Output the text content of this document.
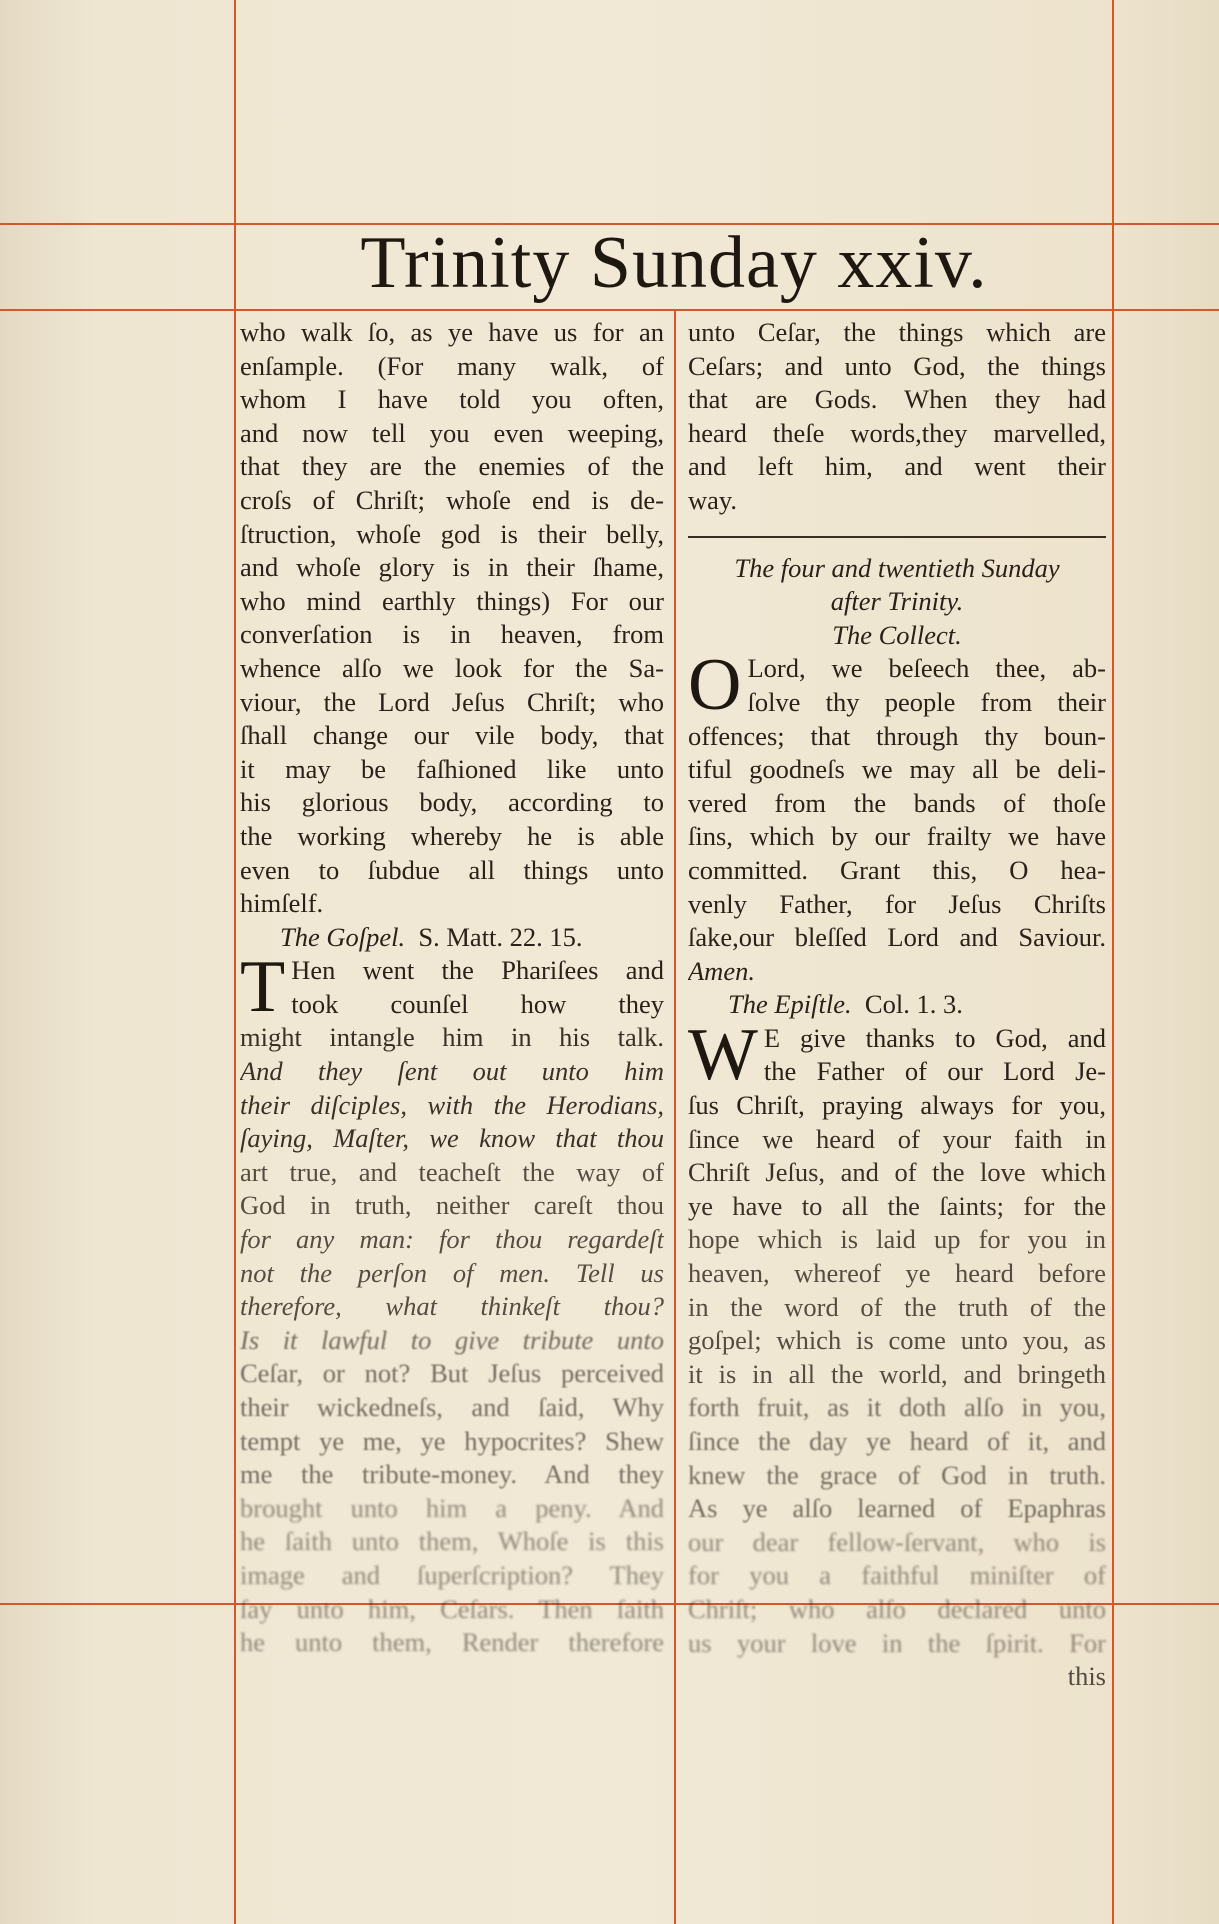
Trinity Sunday xxiv.
who walk ſo, as ye have us for an
enſample. (For many walk, of
whom I have told you often,
and now tell you even weeping,
that they are the enemies of the
croſs of Chriſt; whoſe end is de-
ſtruction, whoſe god is their belly,
and whoſe glory is in their ſhame,
who mind earthly things) For our
converſation is in heaven, from
whence alſo we look for the Sa-
viour, the Lord Jeſus Chriſt; who
ſhall change our vile body, that
it may be faſhioned like unto
his glorious body, according to
the working whereby he is able
even to ſubdue all things unto
himſelf.
The Goſpel. S. Matt. 22. 15.
T Hen went the Phariſees and
took counſel how they
might intangle him in his talk.
And they ſent out unto him
their diſciples, with the Herodians,
ſaying, Maſter, we know that thou
art true, and teacheſt the way of
God in truth, neither careſt thou
for any man: for thou regardeſt
not the perſon of men. Tell us
therefore, what thinkeſt thou?
Is it lawful to give tribute unto
Ceſar, or not? But Jeſus perceived
their wickedneſs, and ſaid, Why
tempt ye me, ye hypocrites? Shew
me the tribute-money. And they
brought unto him a peny. And
he ſaith unto them, Whoſe is this
image and ſuperſcription? They
ſay unto him, Ceſars. Then ſaith
he unto them, Render therefore
unto Ceſar, the things which are
Ceſars; and unto God, the things
that are Gods. When they had
heard theſe words,they marvelled,
and left him, and went their
way.
The four and twentieth Sunday
after Trinity.
The Collect.
O Lord, we beſeech thee, ab-
ſolve thy people from their
offences; that through thy boun-
tiful goodneſs we may all be deli-
vered from the bands of thoſe
ſins, which by our frailty we have
committed. Grant this, O hea-
venly Father, for Jeſus Chriſts
ſake,our bleſſed Lord and Saviour.
Amen.
The Epiſtle. Col. 1. 3.
W E give thanks to God, and
the Father of our Lord Je-
ſus Chriſt, praying always for you,
ſince we heard of your faith in
Chriſt Jeſus, and of the love which
ye have to all the ſaints; for the
hope which is laid up for you in
heaven, whereof ye heard before
in the word of the truth of the
goſpel; which is come unto you, as
it is in all the world, and bringeth
forth fruit, as it doth alſo in you,
ſince the day ye heard of it, and
knew the grace of God in truth.
As ye alſo learned of Epaphras
our dear fellow-ſervant, who is
for you a faithful miniſter of
Chriſt; who alſo declared unto
us your love in the ſpirit. For
this
